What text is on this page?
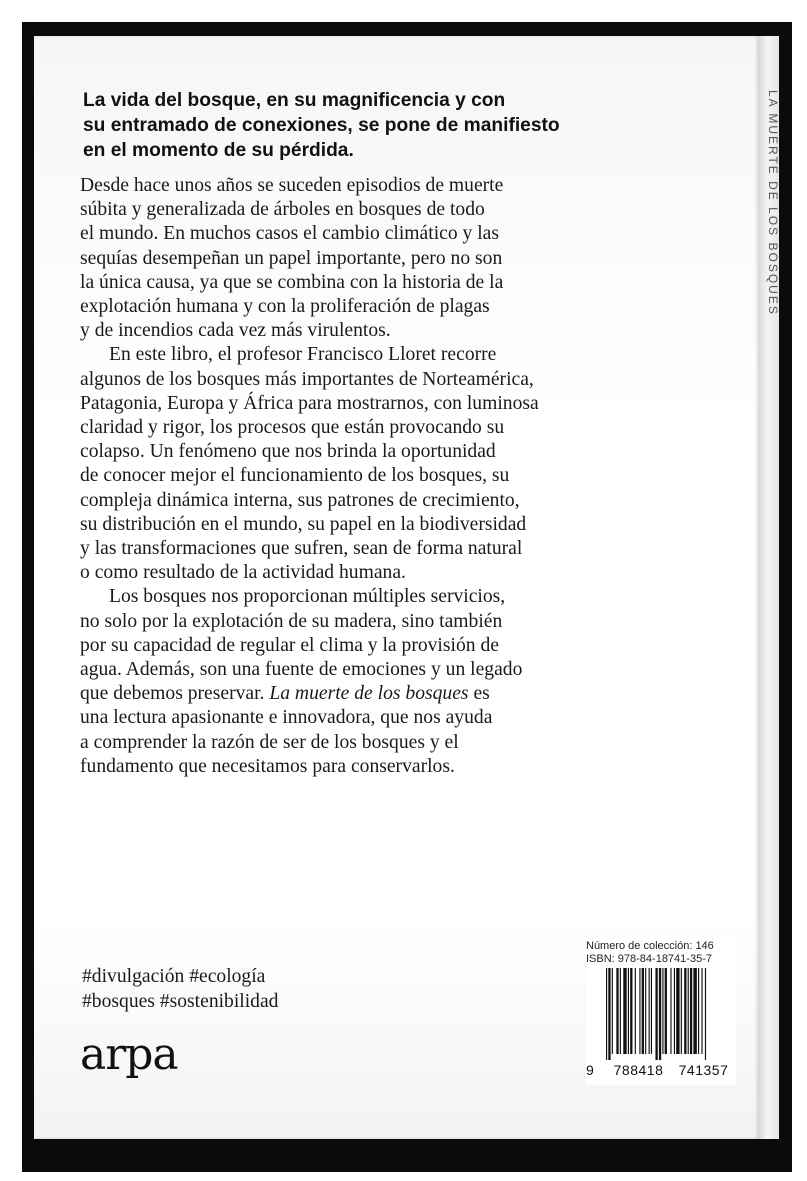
LA MUERTE DE LOS BOSQUES
La vida del bosque, en su magnificencia y con
su entramado de conexiones, se pone de manifiesto
en el momento de su pérdida.
Desde hace unos años se suceden episodios de muerte
súbita y generalizada de árboles en bosques de todo
el mundo. En muchos casos el cambio climático y las
sequías desempeñan un papel importante, pero no son
la única causa, ya que se combina con la historia de la
explotación humana y con la proliferación de plagas
y de incendios cada vez más virulentos.
En este libro, el profesor Francisco Lloret recorre
algunos de los bosques más importantes de Norteamérica,
Patagonia, Europa y África para mostrarnos, con luminosa
claridad y rigor, los procesos que están provocando su
colapso. Un fenómeno que nos brinda la oportunidad
de conocer mejor el funcionamiento de los bosques, su
compleja dinámica interna, sus patrones de crecimiento,
su distribución en el mundo, su papel en la biodiversidad
y las transformaciones que sufren, sean de forma natural
o como resultado de la actividad humana.
Los bosques nos proporcionan múltiples servicios,
no solo por la explotación de su madera, sino también
por su capacidad de regular el clima y la provisión de
agua. Además, son una fuente de emociones y un legado
que debemos preservar. La muerte de los bosques es
una lectura apasionante e innovadora, que nos ayuda
a comprender la razón de ser de los bosques y el
fundamento que necesitamos para conservarlos.
#divulgación #ecología
#bosques #sostenibilidad
arpa
Número de colección: 146
ISBN: 978-84-18741-35-7
9	788418	741357
